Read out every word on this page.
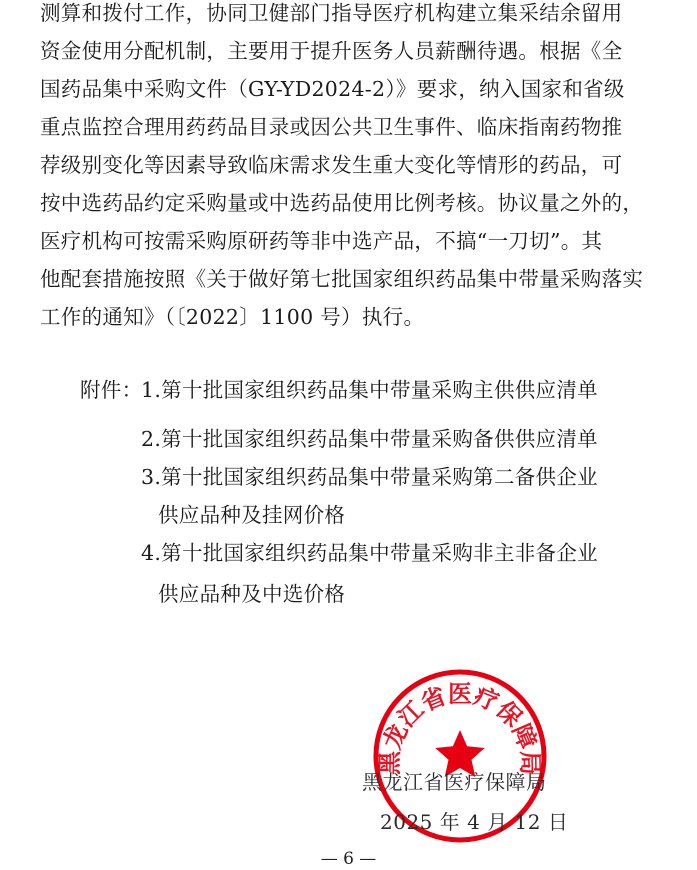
测算和拨付工作，协同卫健部门指导医疗机构建立集采结余留用
资金使用分配机制，主要用于提升医务人员薪酬待遇。根据《全
国药品集中采购文件（GY-YD2024-2）》要求，纳入国家和省级
重点监控合理用药药品目录或因公共卫生事件、临床指南药物推
荐级别变化等因素导致临床需求发生重大变化等情形的药品，可
按中选药品约定采购量或中选药品使用比例考核。协议量之外的，
医疗机构可按需采购原研药等非中选产品，不搞“一刀切”。其
他配套措施按照《关于做好第七批国家组织药品集中带量采购落实
工作的通知》（〔2022〕1100 号）执行。
附件：
1.第十批国家组织药品集中带量采购主供供应清单
2.第十批国家组织药品集中带量采购备供供应清单
3.第十批国家组织药品集中带量采购第二备供企业
供应品种及挂网价格
4.第十批国家组织药品集中带量采购非主非备企业
供应品种及中选价格
黑龙江省医疗保障局
黑龙江省医疗保障局
2025 年 4 月 12 日
— 6 —
